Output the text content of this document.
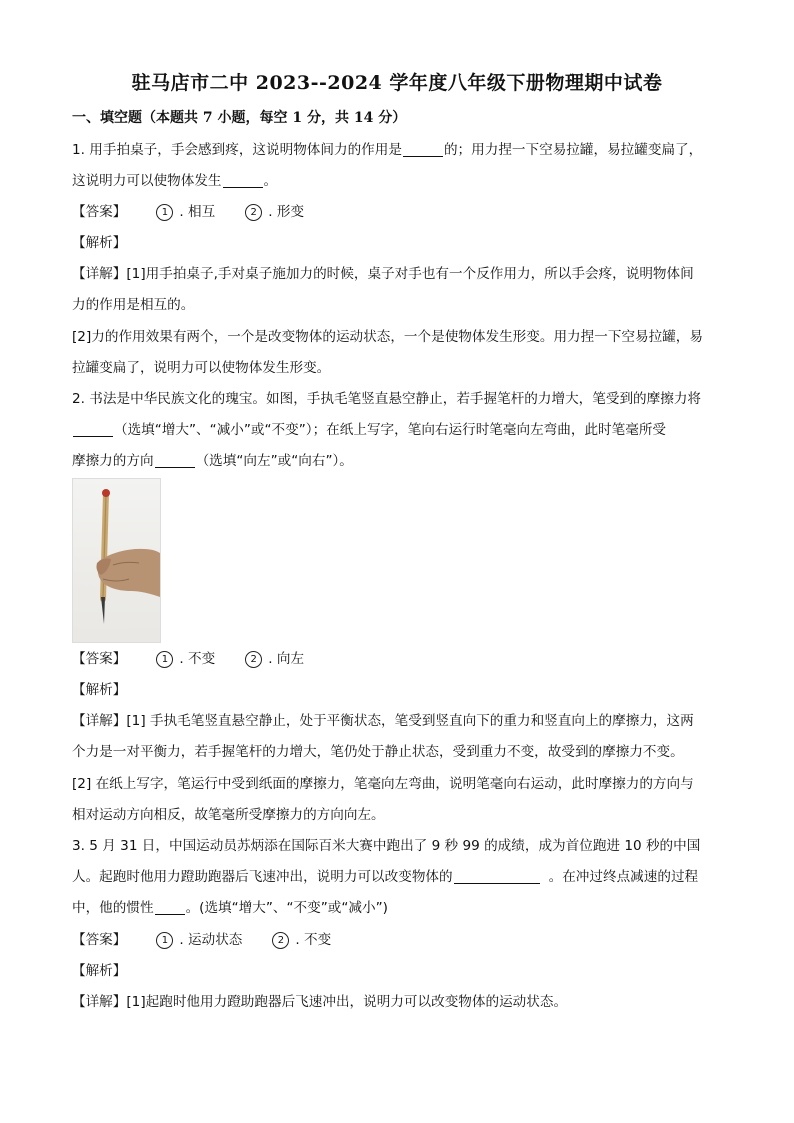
驻马店市二中 2023--2024 学年度八年级下册物理期中试卷
一、填空题（本题共 7 小题，每空 1 分，共 14 分）
1. 用手拍桌子，手会感到疼，这说明物体间力的作用是	的；用力捏一下空易拉罐，易拉罐变扁了，
这说明力可以使物体发生	。
【答案】	1 . 相互	2 . 形变
【解析】
【详解】[1]用手拍桌子,手对桌子施加力的时候，桌子对手也有一个反作用力，所以手会疼，说明物体间
力的作用是相互的。
[2]力的作用效果有两个，一个是改变物体的运动状态，一个是使物体发生形变。用力捏一下空易拉罐，易
拉罐变扁了，说明力可以使物体发生形变。
2. 书法是中华民族文化的瑰宝。如图，手执毛笔竖直悬空静止，若手握笔杆的力增大，笔受到的摩擦力将
（选填“增大”、“减小”或“不变”）；在纸上写字，笔向右运行时笔毫向左弯曲，此时笔毫所受
摩擦力的方向	（选填“向左”或“向右”）。
【答案】	1 . 不变	2 . 向左
【解析】
【详解】[1] 手执毛笔竖直悬空静止，处于平衡状态，笔受到竖直向下的重力和竖直向上的摩擦力，这两
个力是一对平衡力，若手握笔杆的力增大，笔仍处于静止状态，受到重力不变，故受到的摩擦力不变。
[2] 在纸上写字，笔运行中受到纸面的摩擦力，笔毫向左弯曲，说明笔毫向右运动，此时摩擦力的方向与
相对运动方向相反，故笔毫所受摩擦力的方向向左。
3. 5 月 31 日，中国运动员苏炳添在国际百米大赛中跑出了 9 秒 99 的成绩，成为首位跑进 10 秒的中国
人。起跑时他用力蹬助跑器后飞速冲出，说明力可以改变物体的	。在冲过终点减速的过程
中，他的惯性 。(选填“增大”、“不变”或“减小”)
【答案】	1 . 运动状态	2 . 不变
【解析】
【详解】[1]起跑时他用力蹬助跑器后飞速冲出，说明力可以改变物体的运动状态。
